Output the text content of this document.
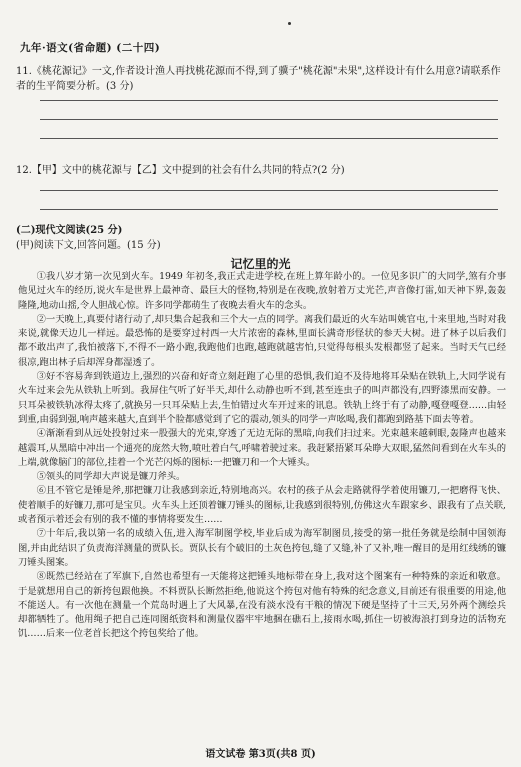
九年·语文(省命题) (二十四)
11.《桃花源记》一文,作者设计渔人再找桃花源而不得,到了骥子"桃花源"未果",这样设计有什么用意?请联系作者的生平简要分析。(3 分)
12.【甲】文中的桃花源与【乙】文中提到的社会有什么共同的特点?(2 分)
(二)现代文阅读(25 分)
(甲)阅读下文,回答问题。(15 分)
记忆里的光

①我八岁才第一次见到火车。1949 年初冬,我正式走进学校,在班上算年龄小的。一位见多识广的大同学,煞有介事他见过火车的经历,说火车是世界上最神奇、最巨大的怪物,特别是在夜晚,放射着万丈光芒,声音像打雷,如天神下界,轰轰隆隆,地动山摇,令人胆战心惊。许多同学都萌生了夜晚去看火车的念头。

②一天晚上,真要付诸行动了,却只集合起我和三个大一点的同学。离我们最近的火车站叫姚官屯,十来里地,当时对我来说,就像天边儿一样远。最恐怖的是要穿过村西一大片浓密的森林,里面长满奇形怪状的参天大树。进了林子以后我们都不敢出声了,我怕被落下,不得不一路小跑,我跑他们也跑,越跑就越害怕,只觉得每根头发根都竖了起来。当时天气已经很凉,跑出林子后却浑身都湿透了。

③好不容易奔到铁道边上,强烈的兴奋和好奇立刻赶跑了心里的恐惧,我们迫不及待地将耳朵贴在铁轨上,大同学说有火车过来会先从铁轨上听到。我屏住气听了好半天,却什么动静也听不到,甚至连虫子的叫声都没有,四野漆黑而安静。一只耳朵被铁轨冰得太疼了,就换另一只耳朵贴上去,生怕错过火车开过来的讯息。铁轨上终于有了动静,嘎登嘎登……由轻到重,由弱到强,响声越来越大,直到半个脸都感觉到了它的震动,领头的同学一声吆喝,我们都跑到路基下面去等着。

④渐渐看到从远处投射过来一股强大的光束,穿透了无边无际的黑暗,向我们扫过来。光束越来越刺眼,轰隆声也越来越震耳,从黑暗中冲出一个通亮的庞然大物,喷吐着白气,呼啸着驶过来。我赶紧捂紧耳朵睁大双眼,猛然间看到在火车头的上端,就像脑门的部位,挂着一个光芒闪烁的图标:一把镰刀和一个大锤头。

⑤领头的同学却大声说是镰刀斧头。

⑥且不管它是锤是斧,那把镰刀让我感到亲近,特别地高兴。农村的孩子从会走路就得学着使用镰刀,一把磨得飞快、使着顺手的好镰刀,那可是宝贝。火车头上还顶着镰刀锤头的图标,让我感到很特别,仿佛这火车跟家乡、跟我有了点关联,或者预示着还会有别的我不懂的事情将要发生……

⑦十年后,我以第一名的成绩入伍,进入海军制图学校,毕业后成为海军制图员,接受的第一批任务就是绘制中国领海图,并由此结识了负责海洋测量的贾队长。贾队长有个破旧的土灰色挎包,缝了又缝,补了又补,唯一醒目的是用红线绣的镰刀锤头图案。

⑧既然已经站在了军旗下,自然也希望有一天能将这把锤头地标带在身上,我对这个图案有一种特殊的亲近和敬意。于是就想用自己的新挎包跟他换。不料贾队长断然拒绝,他说这个挎包对他有特殊的纪念意义,目前还有很重要的用途,他不能送人。有一次他在测量一个荒岛时遇上了大风暴,在没有淡水没有干粮的情况下硬是坚持了十三天,另外两个测绘兵却都牺牲了。他用绳子把自己连同图纸资料和测量仪器牢牢地捆在礁石上,接雨水喝,抓住一切被海浪打到身边的活物充饥……后来一位老首长把这个挎包奖给了他。

语文试卷 第3页(共8 页)
